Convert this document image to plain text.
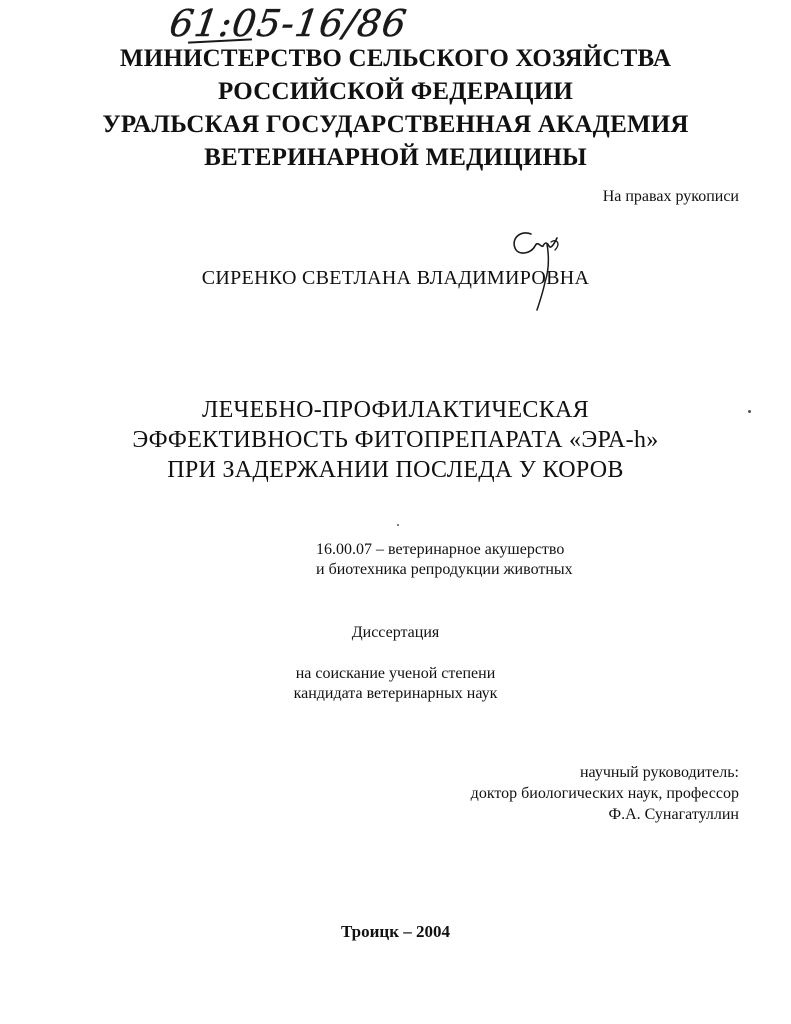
61:05-16/86
МИНИСТЕРСТВО СЕЛЬСКОГО ХОЗЯЙСТВА
РОССИЙСКОЙ ФЕДЕРАЦИИ
УРАЛЬСКАЯ ГОСУДАРСТВЕННАЯ АКАДЕМИЯ
ВЕТЕРИНАРНОЙ МЕДИЦИНЫ
На правах рукописи
СИРЕНКО СВЕТЛАНА ВЛАДИМИРОВНА
ЛЕЧЕБНО-ПРОФИЛАКТИЧЕСКАЯ
ЭФФЕКТИВНОСТЬ ФИТОПРЕПАРАТА «ЭРА-h»
ПРИ ЗАДЕРЖАНИИ ПОСЛЕДА У КОРОВ
16.00.07 – ветеринарное акушерство
и биотехника репродукции животных
Диссертация
на соискание ученой степени
кандидата ветеринарных наук
научный руководитель:
доктор биологических наук, профессор
Ф.А. Сунагатуллин
Троицк – 2004
